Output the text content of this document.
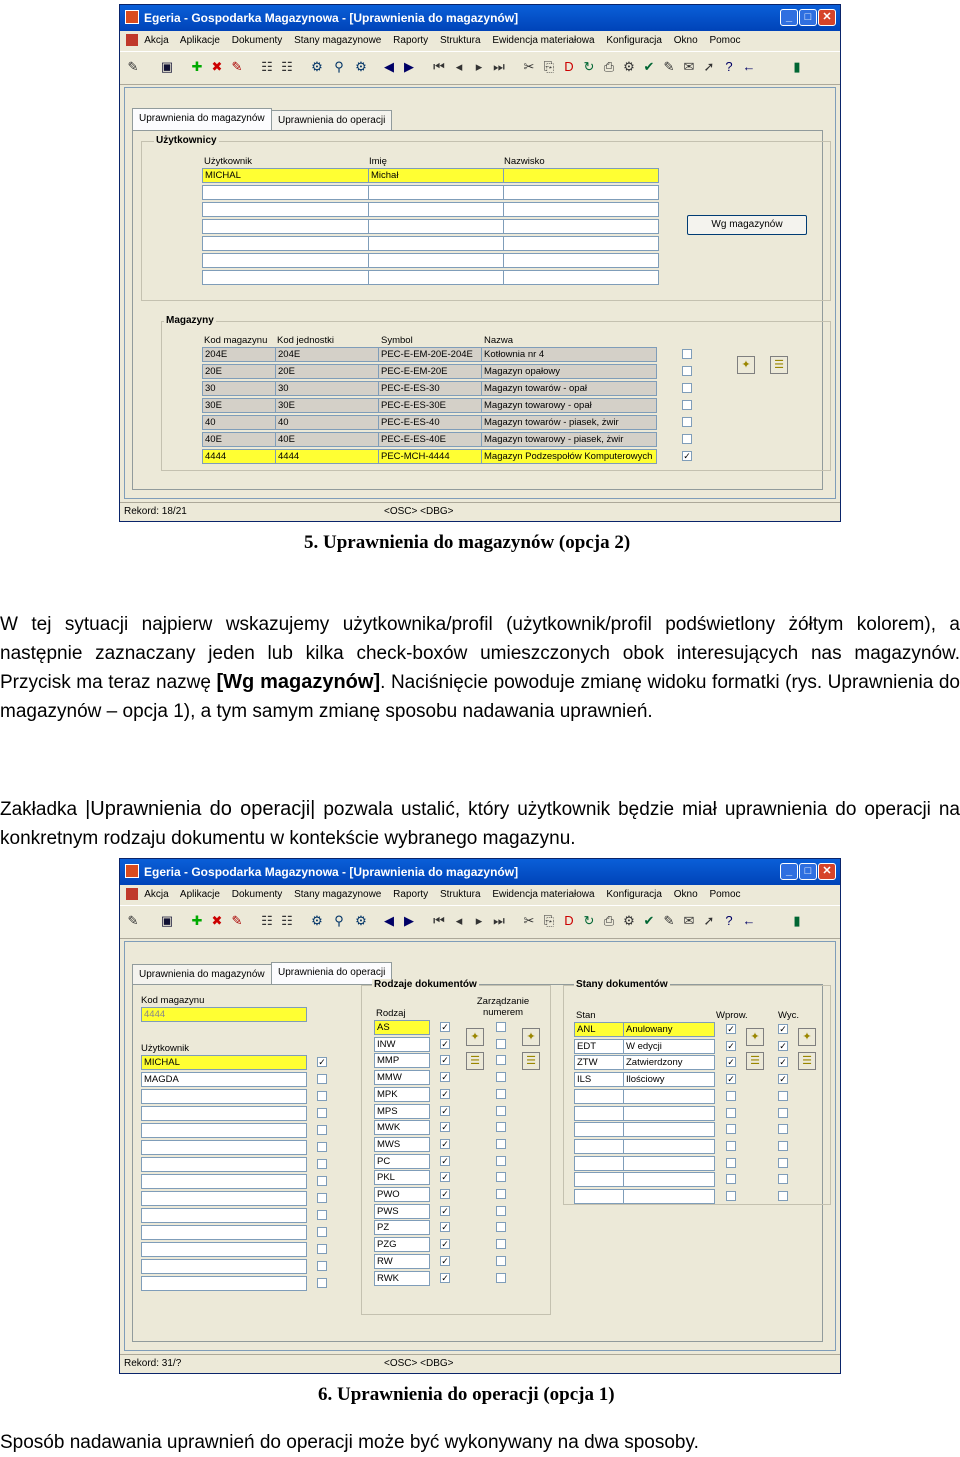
Egeria - Gospodarka Magazynowa - [Uprawnienia do magazynów]	_	□	✕
Akcja Aplikacje Dokumenty Stany magazynowe Raporty Struktura Ewidencja materiałowa Konfiguracja Okno Pomoc
✎ ▣ ✚ ✖ ✎ ☷ ☷ ⚙ ⚲ ⚙ ◀ ▶ ⏮ ◂ ▸ ⏭ ✂ ⎘ D ↻ ⎙ ⚙ ✔ ✎ ✉ ➚ ? ←	▮
Uprawnienia do magazynów	Uprawnienia do operacji
Użytkownicy
Użytkownik	Imię	Nazwisko
MICHAL	Michał
Wg magazynów
Magazyny
Kod magazynu Kod jednostki	Symbol	Nazwa
204E	204E	PEC-E-EM-20E-204E	Kotłownia nr 4
20E	20E	PEC-E-EM-20E	Magazyn opałowy
30	30	PEC-E-ES-30	Magazyn towarów - opał
30E	30E	PEC-E-ES-30E	Magazyn towarowy - opał
40	40	PEC-E-ES-40	Magazyn towarów - piasek, żwir
40E	40E	PEC-E-ES-40E	Magazyn towarowy - piasek, żwir
4444	4444	PEC-MCH-4444	Magazyn Podzespołów Komputerowych	✓
✦	☰
Rekord: 18/21	<OSC> <DBG>
5. Uprawnienia do magazynów (opcja 2)
W tej sytuacji najpierw wskazujemy użytkownika/profil (użytkownik/profil podświetlony żółtym kolorem), a następnie zaznaczany jeden lub kilka check-boxów umieszczonych obok interesujących nas magazynów. Przycisk ma teraz nazwę [Wg magazynów]. Naciśnięcie powoduje zmianę widoku formatki (rys. Uprawnienia do magazynów – opcja 1), a tym samym zmianę sposobu nadawania uprawnień.
Zakładka |Uprawnienia do operacji| pozwala ustalić, który użytkownik będzie miał uprawnienia do operacji na konkretnym rodzaju dokumentu w kontekście wybranego magazynu.
Egeria - Gospodarka Magazynowa - [Uprawnienia do magazynów]	_	□	✕
Akcja Aplikacje Dokumenty Stany magazynowe Raporty Struktura Ewidencja materiałowa Konfiguracja Okno Pomoc
✎ ▣ ✚ ✖ ✎ ☷ ☷ ⚙ ⚲ ⚙ ◀ ▶ ⏮ ◂ ▸ ⏭ ✂ ⎘ D ↻ ⎙ ⚙ ✔ ✎ ✉ ➚ ? ←	▮
Uprawnienia do magazynów	Uprawnienia do operacji
Kod magazynu
4444
Użytkownik
MICHAL	✓
MAGDA
Rodzaje dokumentów
Rodzaj
Zarządzanie numerem
AS	✓
INW	✓
MMP	✓
MMW	✓
MPK	✓
MPS	✓
MWK	✓
MWS	✓
PC	✓
PKL	✓
PWO	✓
PWS	✓
PZ	✓
PZG	✓
RW	✓
RWK	✓
✦
☰
✦
☰
Stany dokumentów
Stan	Wprow.	Wyc.
ANL	Anulowany	✓	✓
EDT	W edycji	✓	✓
ZTW	Zatwierdzony	✓	✓
ILS	Ilościowy	✓	✓
✦
☰
✦
☰
Rekord: 31/?	<OSC> <DBG>
6. Uprawnienia do operacji (opcja 1)
Sposób nadawania uprawnień do operacji może być wykonywany na dwa sposoby.
